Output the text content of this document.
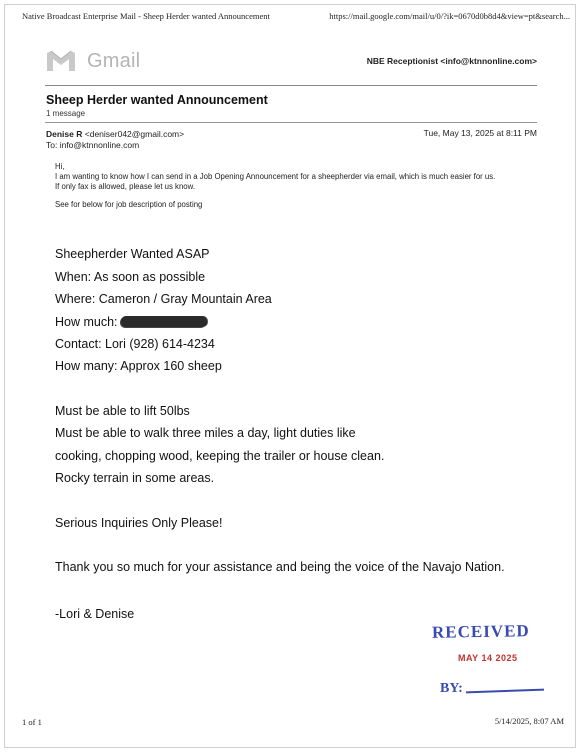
Native Broadcast Enterprise Mail - Sheep Herder wanted Announcement	https://mail.google.com/mail/u/0/?ik=0670d0b8d4&view=pt&search...
Gmail	NBE Receptionist <info@ktnnonline.com>
Sheep Herder wanted Announcement
1 message
Denise R <deniser042@gmail.com>	Tue, May 13, 2025 at 8:11 PM
To: info@ktnnonline.com

Hi,

I am wanting to know how I can send in a Job Opening Announcement for a sheepherder via email, which is much easier for us.

If only fax is allowed, please let us know.

See for below for job description of posting

Sheepherder Wanted ASAP
When: As soon as possible
Where: Cameron / Gray Mountain Area
How much:
Contact: Lori (928) 614-4234
How many: Approx 160 sheep
Must be able to lift 50lbs
Must be able to walk three miles a day, light duties like
cooking, chopping wood, keeping the trailer or house clean.
Rocky terrain in some areas.
Serious Inquiries Only Please!
Thank you so much for your assistance and being the voice of the Navajo Nation.
-Lori & Denise
RECEIVED
MAY 14 2025
BY:
1 of 1	5/14/2025, 8:07 AM
